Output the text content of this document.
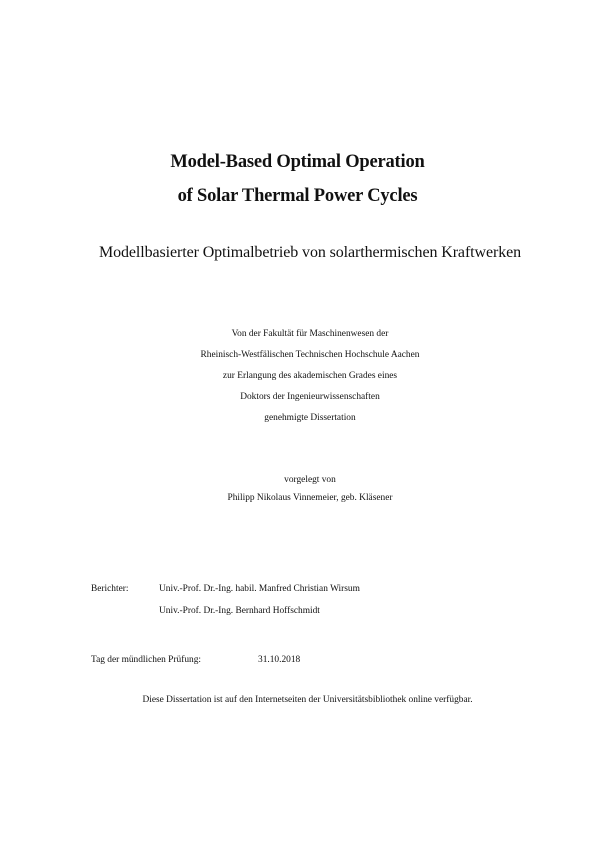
Model-Based Optimal Operation
of Solar Thermal Power Cycles
Modellbasierter Optimalbetrieb von solarthermischen Kraftwerken
Von der Fakultät für Maschinenwesen der
Rheinisch-Westfälischen Technischen Hochschule Aachen
zur Erlangung des akademischen Grades eines
Doktors der Ingenieurwissenschaften
genehmigte Dissertation
vorgelegt von
Philipp Nikolaus Vinnemeier, geb. Kläsener
Berichter:	Univ.-Prof. Dr.-Ing. habil. Manfred Christian Wirsum
Univ.-Prof. Dr.-Ing. Bernhard Hoffschmidt
Tag der mündlichen Prüfung:	31.10.2018
Diese Dissertation ist auf den Internetseiten der Universitätsbibliothek online verfügbar.
